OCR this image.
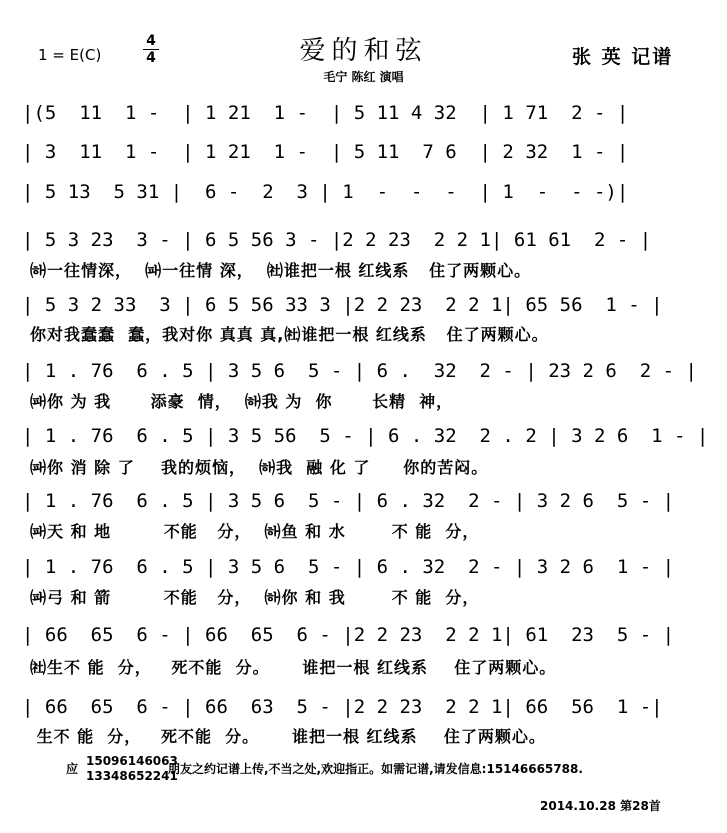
1 = E(C)
4
4	爱的和弦
毛宁 陈红 演唱
张 英 记谱
|(5  11  1 -  | 1 21  1 -  | 5 11 4 32  | 1 71  2 - |
| 3  11  1 -  | 1 21  1 -  | 5 11  7 6  | 2 32  1 - |
| 5 13  5 31 |  6 -  2  3 | 1  -  -  -  | 1  -  - -)|
| 5 3 23  3 - | 6 5 56 3 - |2 2 23  2 2 1| 61 61  2 - |
㈛一往情深，  ㈚一往情 深，  ㈳谁把一根 红线系   住了两颗心。
| 5 3 2 33  3 | 6 5 56 33 3 |2 2 23  2 2 1| 65 56  1 - |
你对我蠢蠢  蠢，我对你 真真 真,㈳谁把一根 红线系   住了两颗心。
| 1 . 76  6 . 5 | 3 5 6  5 - | 6 .  32  2 - | 23 2 6  2 - |
㈚你 为 我      添豪  情，  ㈛我 为  你      长精  神，
| 1 . 76  6 . 5 | 3 5 56  5 - | 6 . 32  2 . 2 | 3 2 6  1 - |
㈚你 消 除 了    我的烦恼，  ㈛我  融 化 了     你的苦闷。
| 1 . 76  6 . 5 | 3 5 6  5 - | 6 . 32  2 - | 3 2 6  5 - |
㈚天 和 地        不能   分，  ㈛鱼 和 水       不 能  分，
| 1 . 76  6 . 5 | 3 5 6  5 - | 6 . 32  2 - | 3 2 6  1 - |
㈚弓 和 箭        不能   分，  ㈛你 和 我       不 能  分，
| 66  65  6 - | 66  65  6 - |2 2 23  2 2 1| 61  23  5 - |
㈳生不 能  分，   死不能  分。     谁把一根 红线系    住了两颗心。
| 66  65  6 - | 66  63  5 - |2 2 23  2 2 1| 66  56  1 -|
生不 能  分，   死不能  分。     谁把一根 红线系    住了两颗心。
应
15096146063
13348652241
朋友之约记谱上传,不当之处,欢迎指正。如需记谱,请发信息:15146665788.
2014.10.28 第28首
